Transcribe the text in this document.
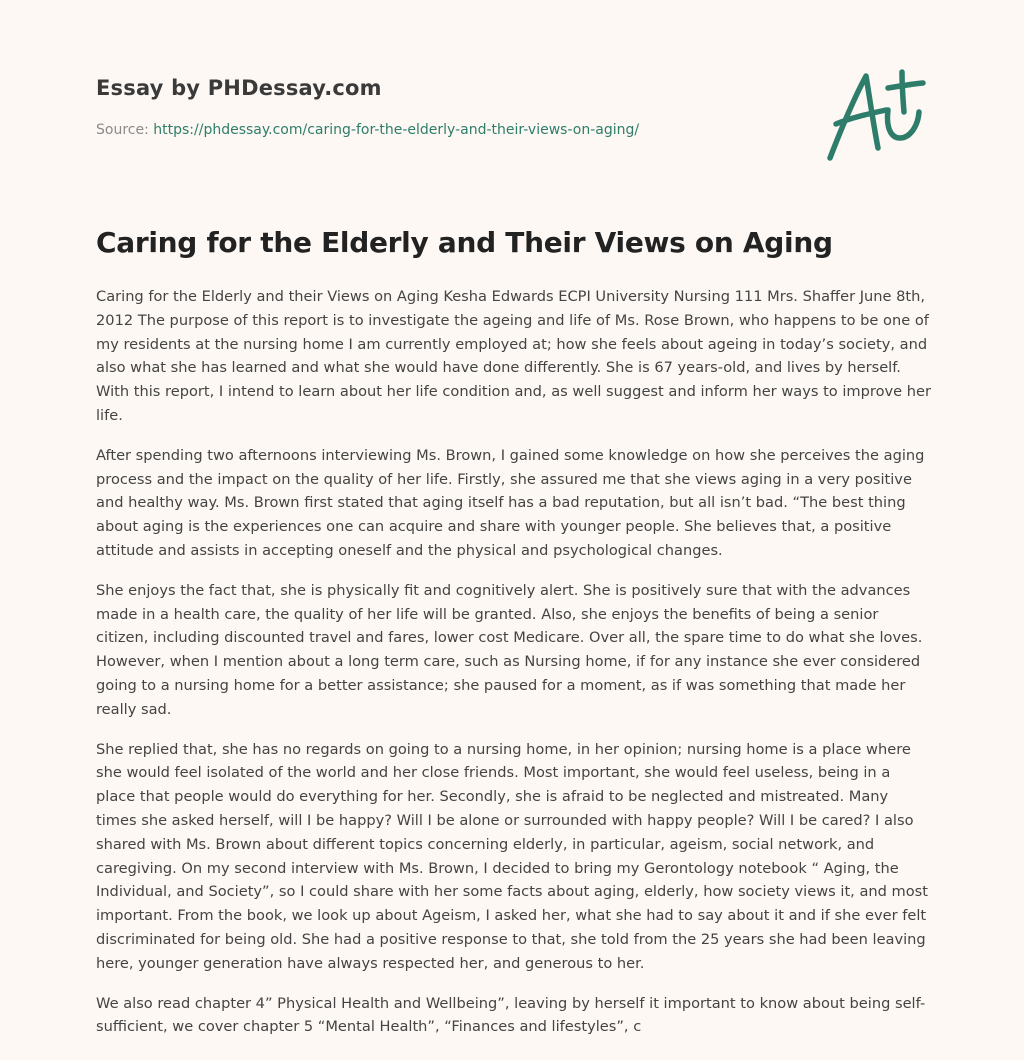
Essay by PHDessay.com
Source: https://phdessay.com/caring-for-the-elderly-and-their-views-on-aging/
Caring for the Elderly and Their Views on Aging

Caring for the Elderly and their Views on Aging Kesha Edwards ECPI University Nursing 111 Mrs. Shaffer June 8th, 2012 The purpose of this report is to investigate the ageing and life of Ms. Rose Brown, who happens to be one of my residents at the nursing home I am currently employed at; how she feels about ageing in today’s society, and also what she has learned and what she would have done differently. She is 67 years-old, and lives by herself. With this report, I intend to learn about her life condition and, as well suggest and inform her ways to improve her life.

After spending two afternoons interviewing Ms. Brown, I gained some knowledge on how she perceives the aging process and the impact on the quality of her life. Firstly, she assured me that she views aging in a very positive and healthy way. Ms. Brown first stated that aging itself has a bad reputation, but all isn’t bad. “The best thing about aging is the experiences one can acquire and share with younger people. She believes that, a positive attitude and assists in accepting oneself and the physical and psychological changes.

She enjoys the fact that, she is physically fit and cognitively alert. She is positively sure that with the advances made in a health care, the quality of her life will be granted. Also, she enjoys the benefits of being a senior citizen, including discounted travel and fares, lower cost Medicare. Over all, the spare time to do what she loves. However, when I mention about a long term care, such as Nursing home, if for any instance she ever considered going to a nursing home for a better assistance; she paused for a moment, as if was something that made her really sad.

She replied that, she has no regards on going to a nursing home, in her opinion; nursing home is a place where she would feel isolated of the world and her close friends. Most important, she would feel useless, being in a place that people would do everything for her. Secondly, she is afraid to be neglected and mistreated. Many times she asked herself, will I be happy? Will I be alone or surrounded with happy people? Will I be cared? I also shared with Ms. Brown about different topics concerning elderly, in particular, ageism, social network, and caregiving. On my second interview with Ms. Brown, I decided to bring my Gerontology notebook “ Aging, the Individual, and Society”, so I could share with her some facts about aging, elderly, how society views it, and most important. From the book, we look up about Ageism, I asked her, what she had to say about it and if she ever felt discriminated for being old. She had a positive response to that, she told from the 25 years she had been leaving here, younger generation have always respected her, and generous to her.

We also read chapter 4” Physical Health and Wellbeing”, leaving by herself it important to know about being self-sufficient, we cover chapter 5 “Mental Health”, “Finances and lifestyles”, c
